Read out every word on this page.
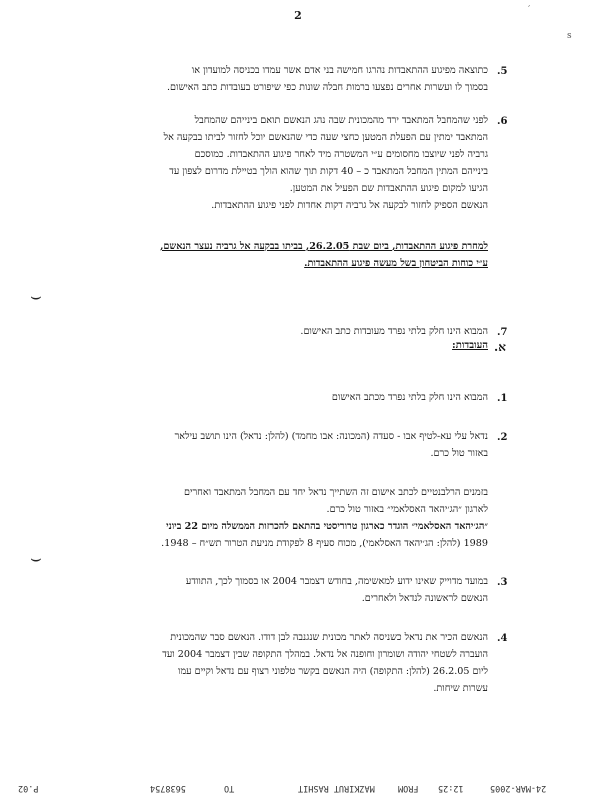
2
׳
s
.5
כתוצאה מפיגוע ההתאבדות נהרגו חמישה בני אדם אשר עמדו בכניסה למועדון או
בסמוך לו ועשרות אחרים נפצעו ברמות חבלה שונות כפי שיפורט בעובדות כתב האישום.
.6
לפני שהמחבל המתאבד ירד מהמכונית שבה נהג הנאשם תואם בינייהם שהמחבל
המתאבד ימתין עם הפעלת המטען כחצי שעה כדי שהנאשם יוכל לחזור לביתו בבקעה אל
גרביה לפני שיוצבו מחסומים ע״י המשטרה מיד לאחר פיגוע ההתאבדות. כמוסכם
בינייהם המתין המחבל המתאבד כ – 40 דקות תוך שהוא הולך בטיילת מדרום לצפון עד
הגיעו למקום פיגוע ההתאבדות שם הפעיל את המטען.
הנאשם הספיק לחזור לבקעה אל גרביה דקות אחדות לפני פיגוע ההתאבדות.
למחרת פיגוע ההתאבדות, ביום שבת 26.2.05, בביתו בבקעה אל גרביה נעצר הנאשם,
ע״י כוחות הביטחון בשל מעשה פיגוע ההתאבדות.
⌣
.7
המבוא הינו חלק בלתי נפרד מעובדות כתב האישום.
.א
העובדות:
.1
המבוא הינו חלק בלתי נפרד מכתב האישום
.2
נדאל עלי עא-לטיף אבו - סעדה (המכונה: אבו מחמד) (להלן: נדאל) הינו תושב עילאר
באזור טול כרם.
בזמנים הרלבנטיים לכתב אישום זה השתייך נדאל יחד עם המחבל המתאבד ואחרים
לארגון ״הג׳יהאד האסלאמי״ באזור טול כרם.
״הג׳יהאד האסלאמי״ הוגדר כארגון טרוריסטי בהתאם להכרזות הממשלה מיום 22 ביוני
1989 (להלן: הג׳יהאד האסלאמי), מכוח סעיף 8 לפקודת מניעת הטרור תש״ח – 1948.
⌣
.3
במועד מדוייק שאינו ידוע למאשימה, בחודש דצמבר 2004 או בסמוך לכך, התוודע
הנאשם לראשונה לנדאל ולאחרים.
.4
הנאשם הכיר את נדאל כשניסה לאתר מכונית שנגנבה לבן דודו. הנאשם סבר שהמכונית
הועברה לשטחי יהודה ושומרון וחופנה אל נדאל. במהלך התקופה שבין דצמבר 2004 ועד
ליום 26.2.05 (להלן: התקופה) היה הנאשם בקשר טלפוני רצוף עם נדאל וקיים עמו
עשרות שיחות.
P.02	5638754	TO	MAZKIRUT RASHIT	FROM 12:25	24-MAR-2005
